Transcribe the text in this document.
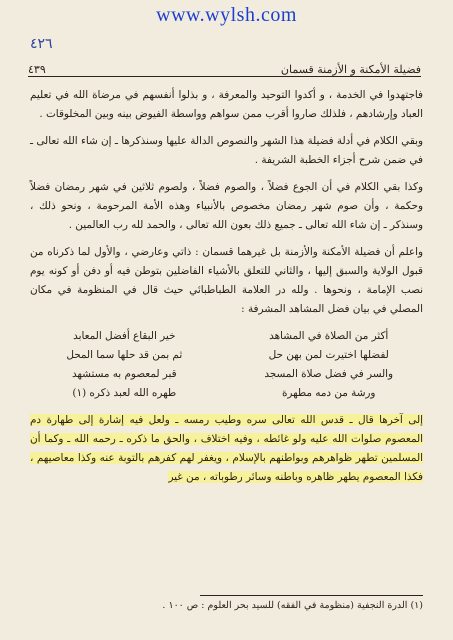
www.wylsh.com
٤٢٦
فضيلة الأمكنة و الأزمنة قسمان
٤٣٩

فاجتهدوا في الخدمة ، و أكدوا التوحيد والمعرفة ، و بذلوا أنفسهم في مرضاة الله في تعليم العباد وإرشادهم ، فلذلك صاروا أقرب ممن سواهم وواسطة الفيوض بينه وبين المخلوقات .

وبقي الكلام في أدلة فضيلة هذا الشهر والنصوص الدالة عليها وسنذكرها ـ إن شاء الله تعالى ـ في ضمن شرح أجزاء الخطبة الشريفة .

وكذا بقي الكلام في أن الجوع فضلاً ، والصوم فضلاً ، ولصوم ثلاثين في شهر رمضان فضلاً وحكمة ، وأن صوم شهر رمضان مخصوص بالأنبياء وهذه الأمة المرحومة ، ونحو ذلك ، وسنذكر ـ إن شاء الله تعالى ـ جميع ذلك بعون الله تعالى ، والحمد لله رب العالمين .

واعلم أن فضيلة الأمكنة والأزمنة بل غيرهما قسمان : ذاتي وعارضي ، والأول لما ذكرناه من قبول الولاية والسبق إليها ، والثاني للتعلق بالأشياء الفاضلين بتوطن فيه أو دفن أو كونه يوم نصب الإمامة ، ونحوها . ولله در العلامة الطباطبائي حيث قال في المنظومة في مكان المصلي في بيان فضل المشاهد المشرفة :

أكثر من الصلاة في المشاهد
خير البقاع أفضل المعابد
لفضلها اختيرت لمن بهن حل
ثم بمن قد حلها سما المحل
والسر في فضل صلاة المسجد
قبر لمعصوم به مستشهد
ورشة من دمه مطهرة
طهره الله لعبد ذكره (١)

إلى آخرها قال ـ قدس الله تعالى سره وطيب رمسه ـ ولعل فيه إشارة إلى طهارة دم المعصوم صلوات الله عليه ولو غائطه ، وفيه اختلاف ، والحق ما ذكره ـ رحمه الله ـ وكما أن المسلمين تطهر ظواهرهم وبواطنهم بالإسلام ، ويغفر لهم كفرهم بالتوبة عنه وكذا معاصيهم ، فكذا المعصوم يطهر ظاهره وباطنه وسائر رطوباته ، من غير

(١) الدرة النجفية (منظومة في الفقه) للسيد بحر العلوم : ص ١٠٠ .
